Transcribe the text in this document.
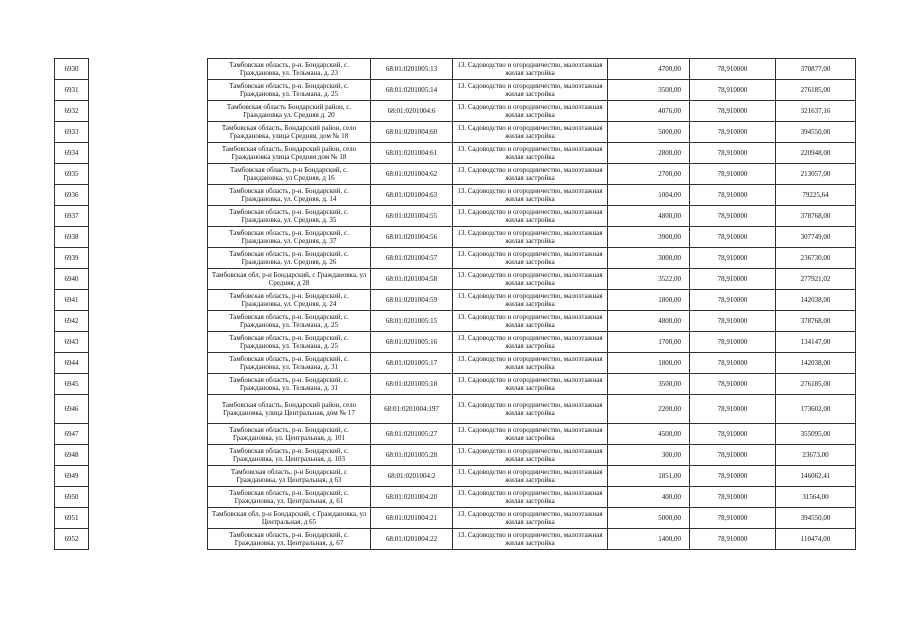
6930		Тамбовская область, р-н. Бондарский, с. Граждановка, ул. Тельмана, д. 23	68:01:0201005:13	13. Садоводство и огородничество, малоэтажная жилая застройка	4700,00	78,910000	370877,00
6931		Тамбовская область, р-н. Бондарский, с. Граждановка, ул. Тельмана, д. 25	68:01:0201005:14	13. Садоводство и огородничество, малоэтажная жилая застройка	3500,00	78,910000	276185,00
6932		Тамбовская область Бондарский район, с. Граждановка ул. Средняя д. 20	68:01:0201004:6	13. Садоводство и огородничество, малоэтажная жилая застройка	4076,00	78,910000	321637,16
6933		Тамбовская область, Бондарский район, село Граждановка, улица Средняя, дом № 18	68:01:0201004:60	13. Садоводство и огородничество, малоэтажная жилая застройка	5000,00	78,910000	394550,00
6934		Тамбовская область, Бондарский район, село Граждановка улица Средняя дом № 18	68:01:0201004:61	13. Садоводство и огородничество, малоэтажная жилая застройка	2800,00	78,910000	220948,00
6935		Тамбовская область, р-н Бондарский, с. Граждановка, ул Средняя, д 16	68:01:0201004:62	13. Садоводство и огородничество, малоэтажная жилая застройка	2700,00	78,910000	213057,00
6936		Тамбовская область, р-н. Бондарский, с. Граждановка, ул. Средняя, д. 14	68:01:0201004:63	13. Садоводство и огородничество, малоэтажная жилая застройка	1004,00	78,910000	79225,64
6937		Тамбовская область, р-н. Бондарский, с. Граждановка, ул. Средняя, д. 35	68:01:0201004:55	13. Садоводство и огородничество, малоэтажная жилая застройка	4800,00	78,910000	378768,00
6938		Тамбовская область, р-н. Бондарский, с. Граждановка, ул. Средняя, д. 37	68:01:0201004:56	13. Садоводство и огородничество, малоэтажная жилая застройка	3900,00	78,910000	307749,00
6939		Тамбовская область, р-н. Бондарский, с. Граждановка, ул. Средняя, д. 26	68:01:0201004:57	13. Садоводство и огородничество, малоэтажная жилая застройка	3000,00	78,910000	236730,00
6940		Тамбовская обл, р-н Бондарский, с Граждановка, ул Средняя, д 28	68:01:0201004:58	13. Садоводство и огородничество, малоэтажная жилая застройка	3522,00	78,910000	277921,02
6941		Тамбовская область, р-н. Бондарский, с. Граждановка, ул. Средняя, д. 24	68:01:0201004:59	13. Садоводство и огородничество, малоэтажная жилая застройка	1800,00	78,910000	142038,00
6942		Тамбовская область, р-н. Бондарский, с. Граждановка, ул. Тельмана, д. 25	68:01:0201005:15	13. Садоводство и огородничество, малоэтажная жилая застройка	4800,00	78,910000	378768,00
6943		Тамбовская область, р-н. Бондарский, с. Граждановка, ул. Тельмана, д. 25	68:01:0201005:16	13. Садоводство и огородничество, малоэтажная жилая застройка	1700,00	78,910000	134147,00
6944		Тамбовская область, р-н. Бондарский, с. Граждановка, ул. Тельмана, д. 31	68:01:0201005:17	13. Садоводство и огородничество, малоэтажная жилая застройка	1800,00	78,910000	142038,00
6945		Тамбовская область, р-н. Бондарский, с. Граждановка, ул. Тельмана, д. 31	68:01:0201005:18	13. Садоводство и огородничество, малоэтажная жилая застройка	3500,00	78,910000	276185,00
6946		Тамбовская область, Бондарский район, село Граждановка, улица Центральная, дом № 17	68:01:0201004:197	13. Садоводство и огородничество, малоэтажная жилая застройка	2200,00	78,910000	173602,00
6947		Тамбовская область, р-н. Бондарский, с. Граждановка, ул. Центральная, д. 101	68:01:0201005:27	13. Садоводство и огородничество, малоэтажная жилая застройка	4500,00	78,910000	355095,00
6948		Тамбовская область, р-н. Бондарский, с. Граждановка, ул. Центральная, д. 103	68:01:0201005:28	13. Садоводство и огородничество, малоэтажная жилая застройка	300,00	78,910000	23673,00
6949		Тамбовская область, р-н Бондарский, с Граждановка, ул Центральная, д 63	68:01:0201004:2	13. Садоводство и огородничество, малоэтажная жилая застройка	1851,00	78,910000	146062,41
6950		Тамбовская область, р-н. Бондарский, с. Граждановка, ул. Центральная, д. 61	68:01:0201004:20	13. Садоводство и огородничество, малоэтажная жилая застройка	400,00	78,910000	31564,00
6951		Тамбовская обл, р-н Бондарский, с Граждановка, ул Центральная, д 65	68:01:0201004:21	13. Садоводство и огородничество, малоэтажная жилая застройка	5000,00	78,910000	394550,00
6952		Тамбовская область, р-н. Бондарский, с. Граждановка, ул. Центральная, д. 67	68:01:0201004:22	13. Садоводство и огородничество, малоэтажная жилая застройка	1400,00	78,910000	110474,00
